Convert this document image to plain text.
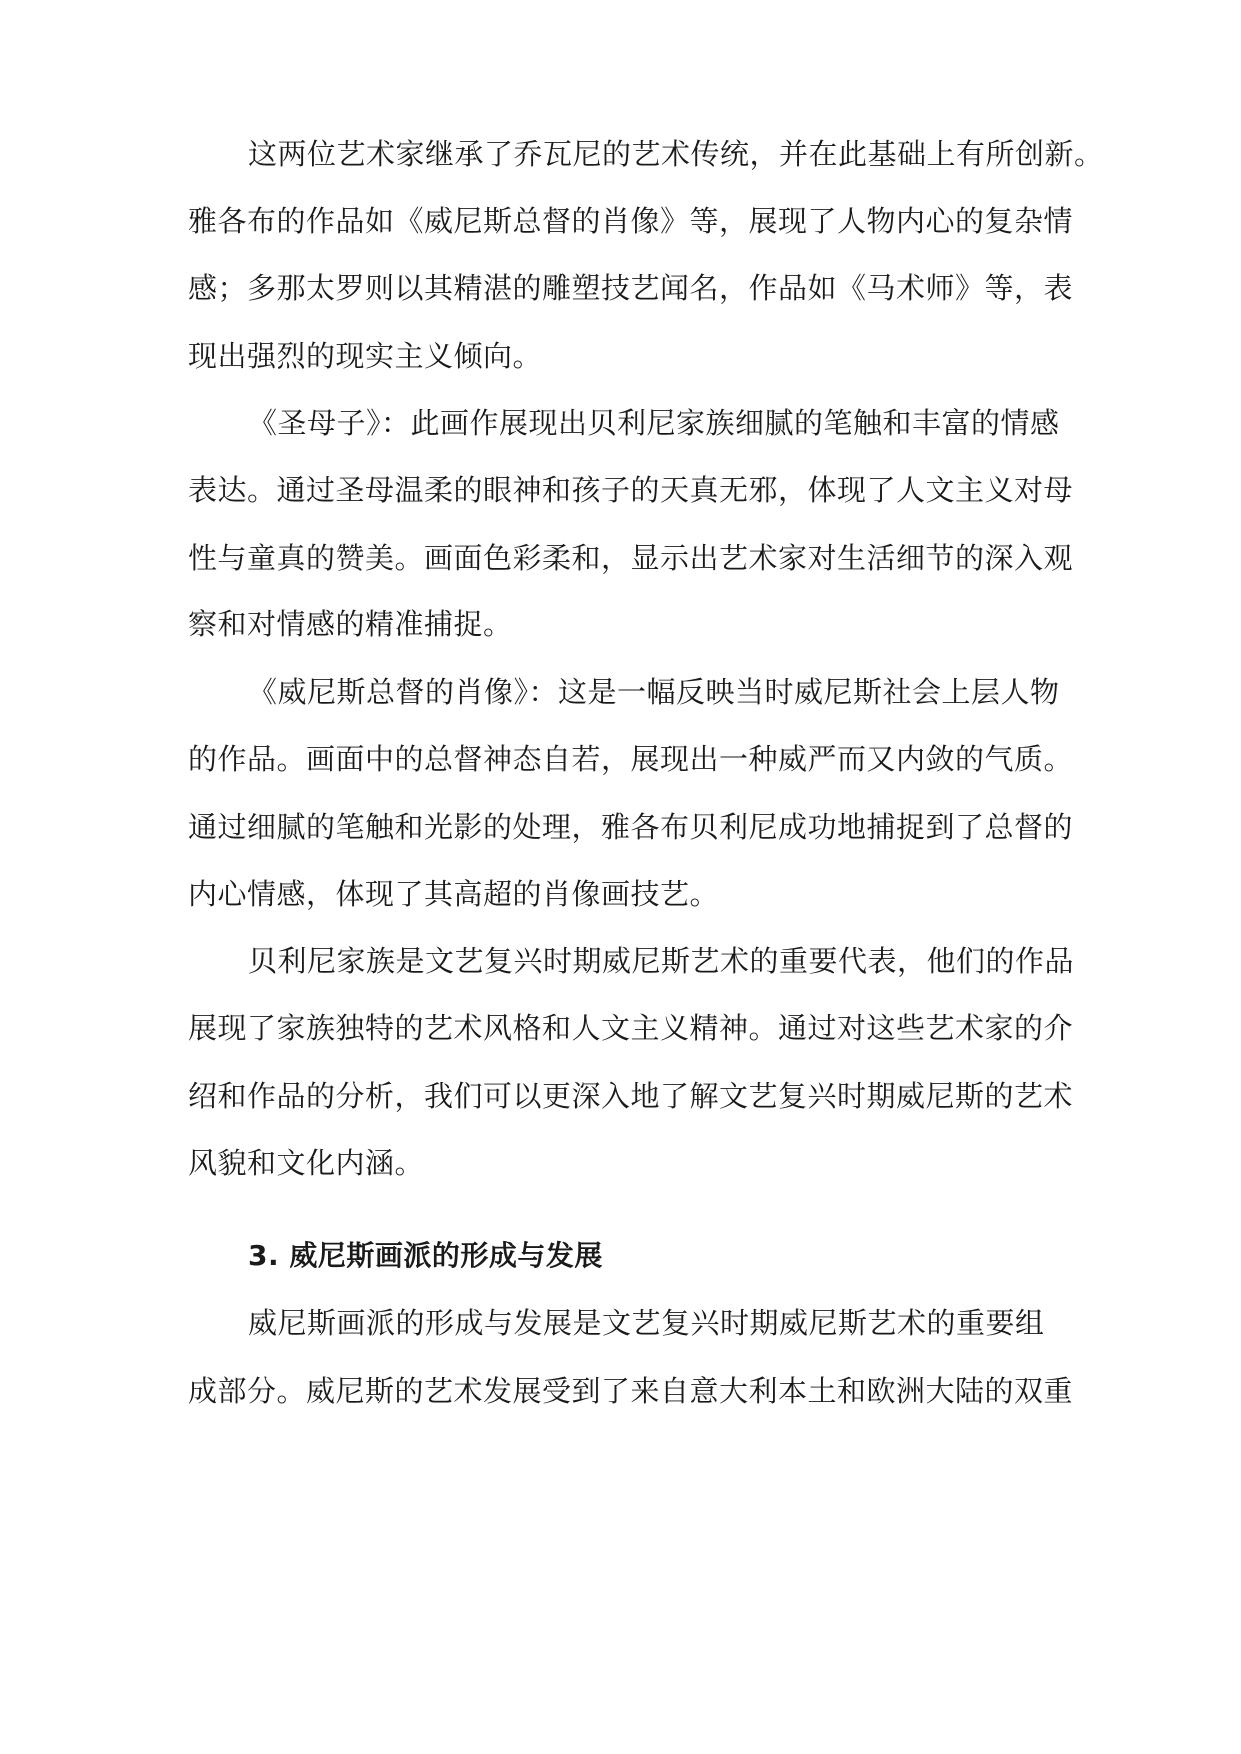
这两位艺术家继承了乔瓦尼的艺术传统，并在此基础上有所创新。
雅各布的作品如《威尼斯总督的肖像》等，展现了人物内心的复杂情
感；多那太罗则以其精湛的雕塑技艺闻名，作品如《马术师》等，表
现出强烈的现实主义倾向。
《圣母子》：此画作展现出贝利尼家族细腻的笔触和丰富的情感
表达。通过圣母温柔的眼神和孩子的天真无邪，体现了人文主义对母
性与童真的赞美。画面色彩柔和，显示出艺术家对生活细节的深入观
察和对情感的精准捕捉。
《威尼斯总督的肖像》：这是一幅反映当时威尼斯社会上层人物
的作品。画面中的总督神态自若，展现出一种威严而又内敛的气质。
通过细腻的笔触和光影的处理，雅各布贝利尼成功地捕捉到了总督的
内心情感，体现了其高超的肖像画技艺。
贝利尼家族是文艺复兴时期威尼斯艺术的重要代表，他们的作品
展现了家族独特的艺术风格和人文主义精神。通过对这些艺术家的介
绍和作品的分析，我们可以更深入地了解文艺复兴时期威尼斯的艺术
风貌和文化内涵。
3. 威尼斯画派的形成与发展
威尼斯画派的形成与发展是文艺复兴时期威尼斯艺术的重要组
成部分。威尼斯的艺术发展受到了来自意大利本土和欧洲大陆的双重
